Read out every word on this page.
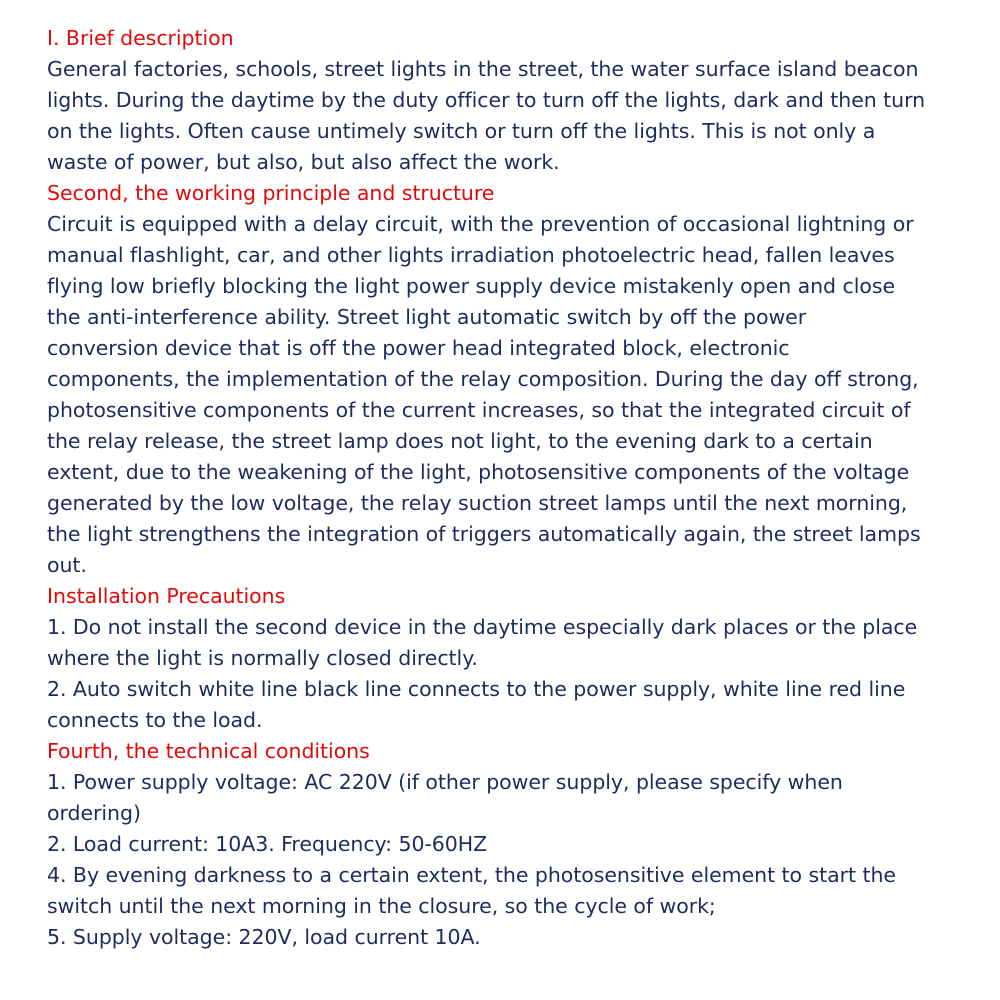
I. Brief description
General factories, schools, street lights in the street, the water surface island beacon
lights. During the daytime by the duty officer to turn off the lights, dark and then turn
on the lights. Often cause untimely switch or turn off the lights. This is not only a
waste of power, but also, but also affect the work.
Second, the working principle and structure
Circuit is equipped with a delay circuit, with the prevention of occasional lightning or
manual flashlight, car, and other lights irradiation photoelectric head, fallen leaves
flying low briefly blocking the light power supply device mistakenly open and close
the anti-interference ability. Street light automatic switch by off the power
conversion device that is off the power head integrated block, electronic
components, the implementation of the relay composition. During the day off strong,
photosensitive components of the current increases, so that the integrated circuit of
the relay release, the street lamp does not light, to the evening dark to a certain
extent, due to the weakening of the light, photosensitive components of the voltage
generated by the low voltage, the relay suction street lamps until the next morning,
the light strengthens the integration of triggers automatically again, the street lamps
out.
Installation Precautions
1. Do not install the second device in the daytime especially dark places or the place
where the light is normally closed directly.
2. Auto switch white line black line connects to the power supply, white line red line
connects to the load.
Fourth, the technical conditions
1. Power supply voltage: AC 220V (if other power supply, please specify when
ordering)
2. Load current: 10A3. Frequency: 50-60HZ
4. By evening darkness to a certain extent, the photosensitive element to start the
switch until the next morning in the closure, so the cycle of work;
5. Supply voltage: 220V, load current 10A.
